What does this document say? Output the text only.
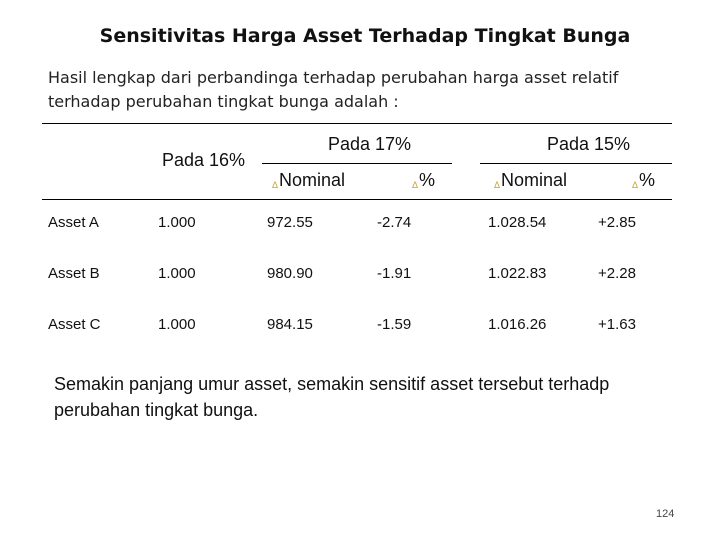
Sensitivitas Harga Asset Terhadap Tingkat Bunga
Hasil lengkap dari perbandinga terhadap perubahan harga asset relatif terhadap perubahan tingkat bunga adalah :
Pada 16%
Pada 17%	Pada 15%
ΔNominal	Δ%	ΔNominal	Δ%
Asset A	1.000	972.55	-2.74	1.028.54	+2.85
Asset B	1.000	980.90	-1.91	1.022.83	+2.28
Asset C	1.000	984.15	-1.59	1.016.26	+1.63
Semakin panjang umur asset, semakin sensitif asset tersebut terhadp perubahan tingkat bunga.
124
